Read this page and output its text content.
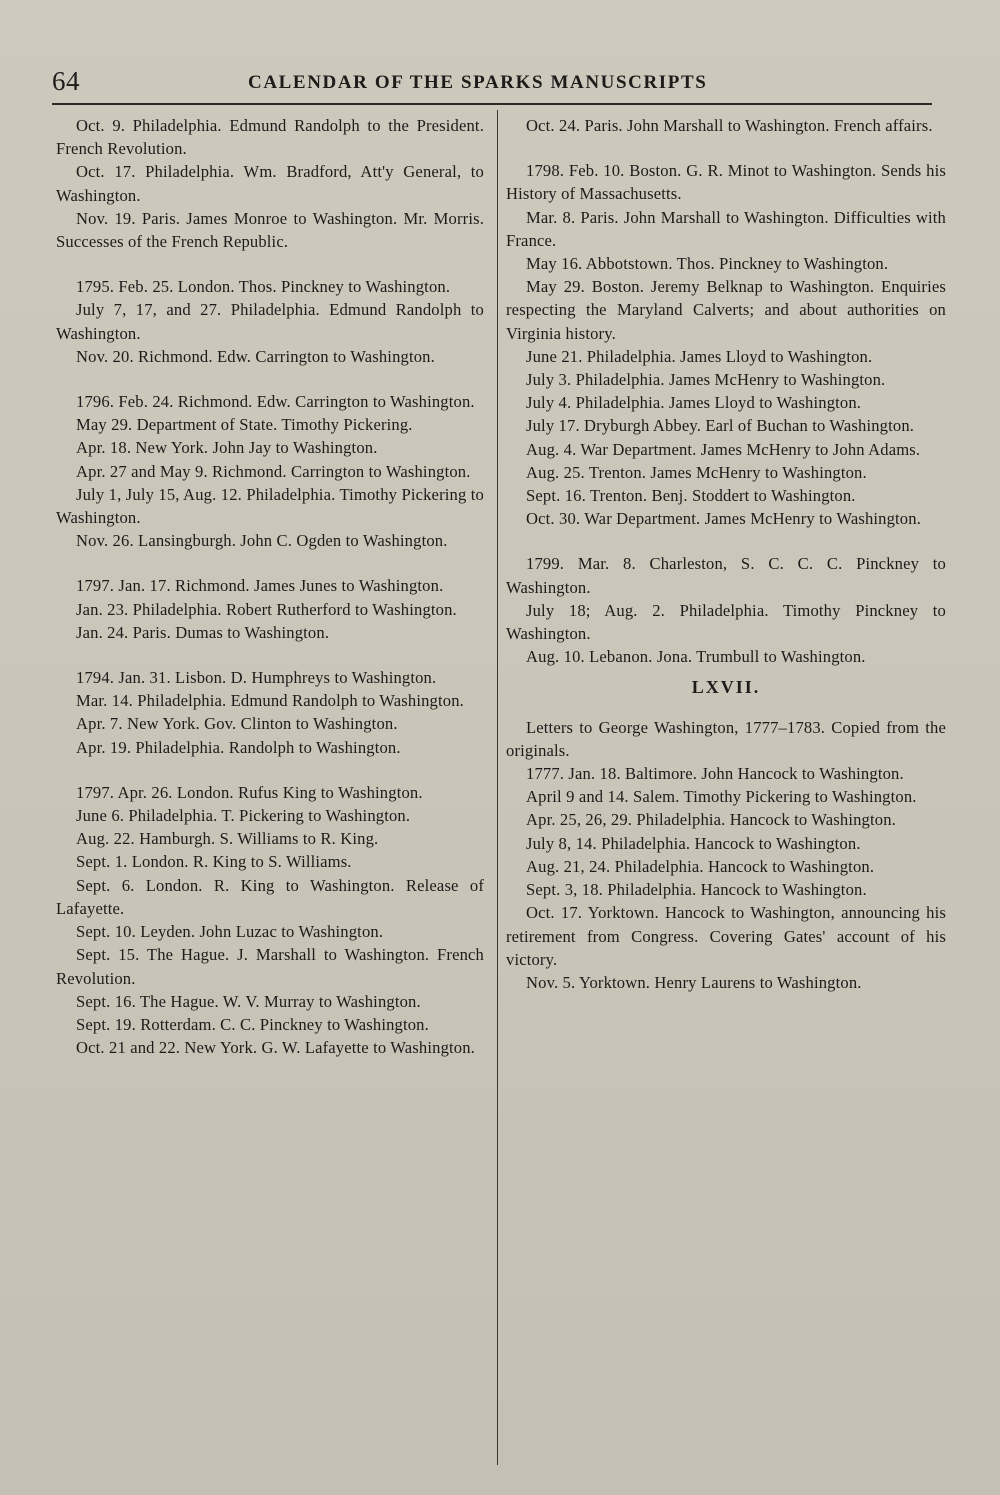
64	CALENDAR OF THE SPARKS MANUSCRIPTS

Oct. 9. Philadelphia. Edmund Randolph to the President. French Revolution.

Oct. 17. Philadelphia. Wm. Bradford, Att'y General, to Washington.

Nov. 19. Paris. James Monroe to Washington. Mr. Morris. Successes of the French Republic.

1795. Feb. 25. London. Thos. Pinckney to Washington.

July 7, 17, and 27. Philadelphia. Edmund Randolph to Washington.

Nov. 20. Richmond. Edw. Carrington to Washington.

1796. Feb. 24. Richmond. Edw. Carrington to Washington.

May 29. Department of State. Timothy Pickering.

Apr. 18. New York. John Jay to Washington.

Apr. 27 and May 9. Richmond. Carrington to Washington.

July 1, July 15, Aug. 12. Philadelphia. Timothy Pickering to Washington.

Nov. 26. Lansingburgh. John C. Ogden to Washington.

1797. Jan. 17. Richmond. James Junes to Washington.

Jan. 23. Philadelphia. Robert Rutherford to Washington.

Jan. 24. Paris. Dumas to Washington.

1794. Jan. 31. Lisbon. D. Humphreys to Washington.

Mar. 14. Philadelphia. Edmund Randolph to Washington.

Apr. 7. New York. Gov. Clinton to Washington.

Apr. 19. Philadelphia. Randolph to Washington.

1797. Apr. 26. London. Rufus King to Washington.

June 6. Philadelphia. T. Pickering to Washington.

Aug. 22. Hamburgh. S. Williams to R. King.

Sept. 1. London. R. King to S. Williams.

Sept. 6. London. R. King to Washington. Release of Lafayette.

Sept. 10. Leyden. John Luzac to Washington.

Sept. 15. The Hague. J. Marshall to Washington. French Revolution.

Sept. 16. The Hague. W. V. Murray to Washington.

Sept. 19. Rotterdam. C. C. Pinckney to Washington.

Oct. 21 and 22. New York. G. W. Lafayette to Washington.

Oct. 24. Paris. John Marshall to Washington. French affairs.

1798. Feb. 10. Boston. G. R. Minot to Washington. Sends his History of Massachusetts.

Mar. 8. Paris. John Marshall to Washington. Difficulties with France.

May 16. Abbotstown. Thos. Pinckney to Washington.

May 29. Boston. Jeremy Belknap to Washington. Enquiries respecting the Maryland Calverts; and about authorities on Virginia history.

June 21. Philadelphia. James Lloyd to Washington.

July 3. Philadelphia. James McHenry to Washington.

July 4. Philadelphia. James Lloyd to Washington.

July 17. Dryburgh Abbey. Earl of Buchan to Washington.

Aug. 4. War Department. James McHenry to John Adams.

Aug. 25. Trenton. James McHenry to Washington.

Sept. 16. Trenton. Benj. Stoddert to Washington.

Oct. 30. War Department. James McHenry to Washington.

1799. Mar. 8. Charleston, S. C. C. C. Pinckney to Washington.

July 18; Aug. 2. Philadelphia. Timothy Pinckney to Washington.

Aug. 10. Lebanon. Jona. Trumbull to Washington.

LXVII.

Letters to George Washington, 1777–1783. Copied from the originals.

1777. Jan. 18. Baltimore. John Hancock to Washington.

April 9 and 14. Salem. Timothy Pickering to Washington.

Apr. 25, 26, 29. Philadelphia. Hancock to Washington.

July 8, 14. Philadelphia. Hancock to Washington.

Aug. 21, 24. Philadelphia. Hancock to Washington.

Sept. 3, 18. Philadelphia. Hancock to Washington.

Oct. 17. Yorktown. Hancock to Washington, announcing his retirement from Congress. Covering Gates' account of his victory.

Nov. 5. Yorktown. Henry Laurens to Washington.
